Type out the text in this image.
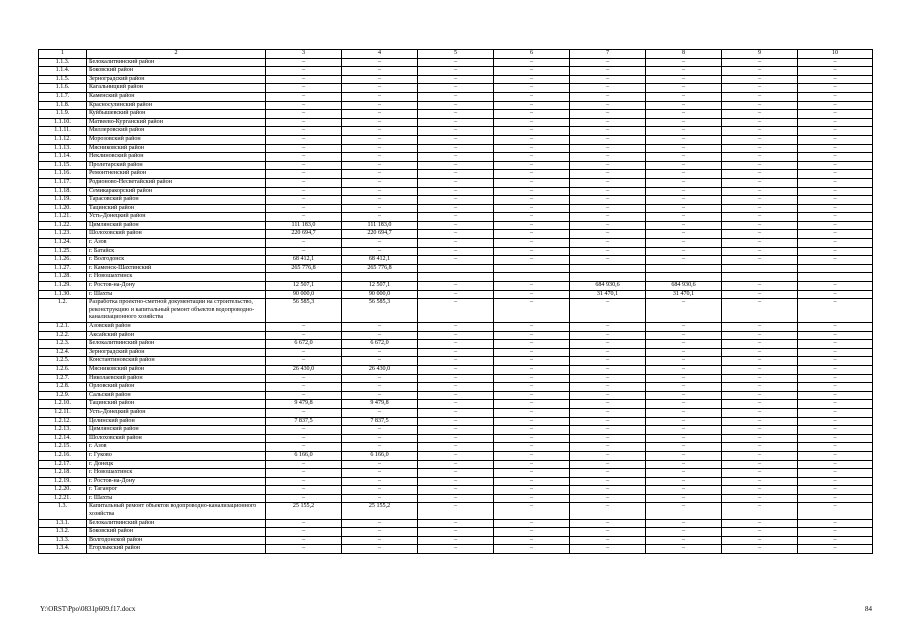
1	2	3	4	5	6	7	8	9	10
1.1.3.	Белокалитвинский район	–	–	–	–	–	–	–	–
1.1.4.	Боковский район	–	–	–	–	–	–	–	–
1.1.5.	Зерноградский район	–	–	–	–	–	–	–	–
1.1.6.	Кагальницкий район	–	–	–	–	–	–	–	–
1.1.7.	Каменский район	–	–	–	–	–	–	–	–
1.1.8.	Красносулинский район	–	–	–	–	–	–	–	–
1.1.9.	Куйбышевский район	–	–	–	–	–	–	–	–
1.1.10.	Матвеево-Курганский район	–	–	–	–	–	–	–	–
1.1.11.	Миллеровский район	–	–	–	–	–	–	–	–
1.1.12.	Морозовский район	–	–	–	–	–	–	–	–
1.1.13.	Мясниковский район	–	–	–	–	–	–	–	–
1.1.14.	Неклиновский район	–	–	–	–	–	–	–	–
1.1.15.	Пролетарский район	–	–	–	–	–	–	–	–
1.1.16.	Ремонтненский район	–	–	–	–	–	–	–	–
1.1.17.	Родионово-Несветайский район	–	–	–	–	–	–	–	–
1.1.18.	Семикаракорский район	–	–	–	–	–	–	–	–
1.1.19.	Тарасовский район	–	–	–	–	–	–	–	–
1.1.20.	Тацинский район	–	–	–	–	–	–	–	–
1.1.21.	Усть-Донецкий район	–	–	–	–	–	–	–	–
1.1.22.	Цимлянский район	111 183,0	111 183,0	–	–	–	–	–	–
1.1.23.	Шолоховский район	220 694,7	220 694,7	–	–	–	–	–	–
1.1.24.	г. Азов	–	–	–	–	–	–	–	–
1.1.25.	г. Батайск	–	–	–	–	–	–	–	–
1.1.26.	г. Волгодонск	68 412,1	68 412,1	–	–	–	–	–	–
1.1.27.	г. Каменск-Шахтинский	265 776,8	265 776,8						
1.1.28.	г. Новошахтинск								
1.1.29.	г. Ростов-на-Дону	12 507,1	12 507,1	–	–	684 930,6	684 930,6	–	–
1.1.30.	г. Шахты	90 000,0	90 000,0	–	–	31 470,1	31 470,1	–	–
1.2.	Разработка проектно-сметной документации на строительство, реконструкцию и капитальный ремонт объектов водопроводно-канализационного хозяйства	56 585,3	56 585,3	–	–	–	–	–	–
1.2.1.	Азовский район	–	–	–	–	–	–	–	–
1.2.2.	Аксайский район	–	–	–	–	–	–	–	–
1.2.3.	Белокалитвинский район	6 672,0	6 672,0	–	–	–	–	–	–
1.2.4.	Зерноградский район	–	–	–	–	–	–	–	–
1.2.5.	Константиновский район	–	–	–	–	–	–	–	–
1.2.6.	Мясниковский район	26 430,0	26 430,0	–	–	–	–	–	–
1.2.7.	Николаевский район	–	–	–	–	–	–	–	–
1.2.8.	Орловский район	–	–	–	–	–	–	–	–
1.2.9.	Сальский район	–	–	–	–	–	–	–	–
1.2.10.	Тацинский район	9 479,8	9 479,8	–	–	–	–	–	–
1.2.11.	Усть-Донецкий район	–	–	–	–	–	–	–	–
1.2.12.	Целинский район	7 837,5	7 837,5	–	–	–	–	–	–
1.2.13.	Цимлянский район	–	–	–	–	–	–	–	–
1.2.14.	Шолоховский район	–	–	–	–	–	–	–	–
1.2.15.	г. Азов	–	–	–	–	–	–	–	–
1.2.16.	г. Гуково	6 166,0	6 166,0	–	–	–	–	–	–
1.2.17.	г. Донецк	–	–	–	–	–	–	–	–
1.2.18.	г. Новошахтинск	–	–	–	–	–	–	–	–
1.2.19.	г. Ростов-на-Дону	–	–	–	–	–	–	–	–
1.2.20.	г. Таганрог	–	–	–	–	–	–	–	–
1.2.21.	г. Шахты	–	–	–	–	–	–	–	–
1.3.	Капитальный ремонт объектов водопроводно-канализационного хозяйства	25 155,2	25 155,2	–	–	–	–	–	–
1.3.1.	Белокалитвинский район	–	–	–	–	–	–	–	–
1.3.2.	Боковский район	–	–	–	–	–	–	–	–
1.3.3.	Волгодонской район	–	–	–	–	–	–	–	–
1.3.4.	Егорлыкский район	–	–	–	–	–	–	–	–
Y:\ORST\Ppo\0831p609.f17.docx	84
